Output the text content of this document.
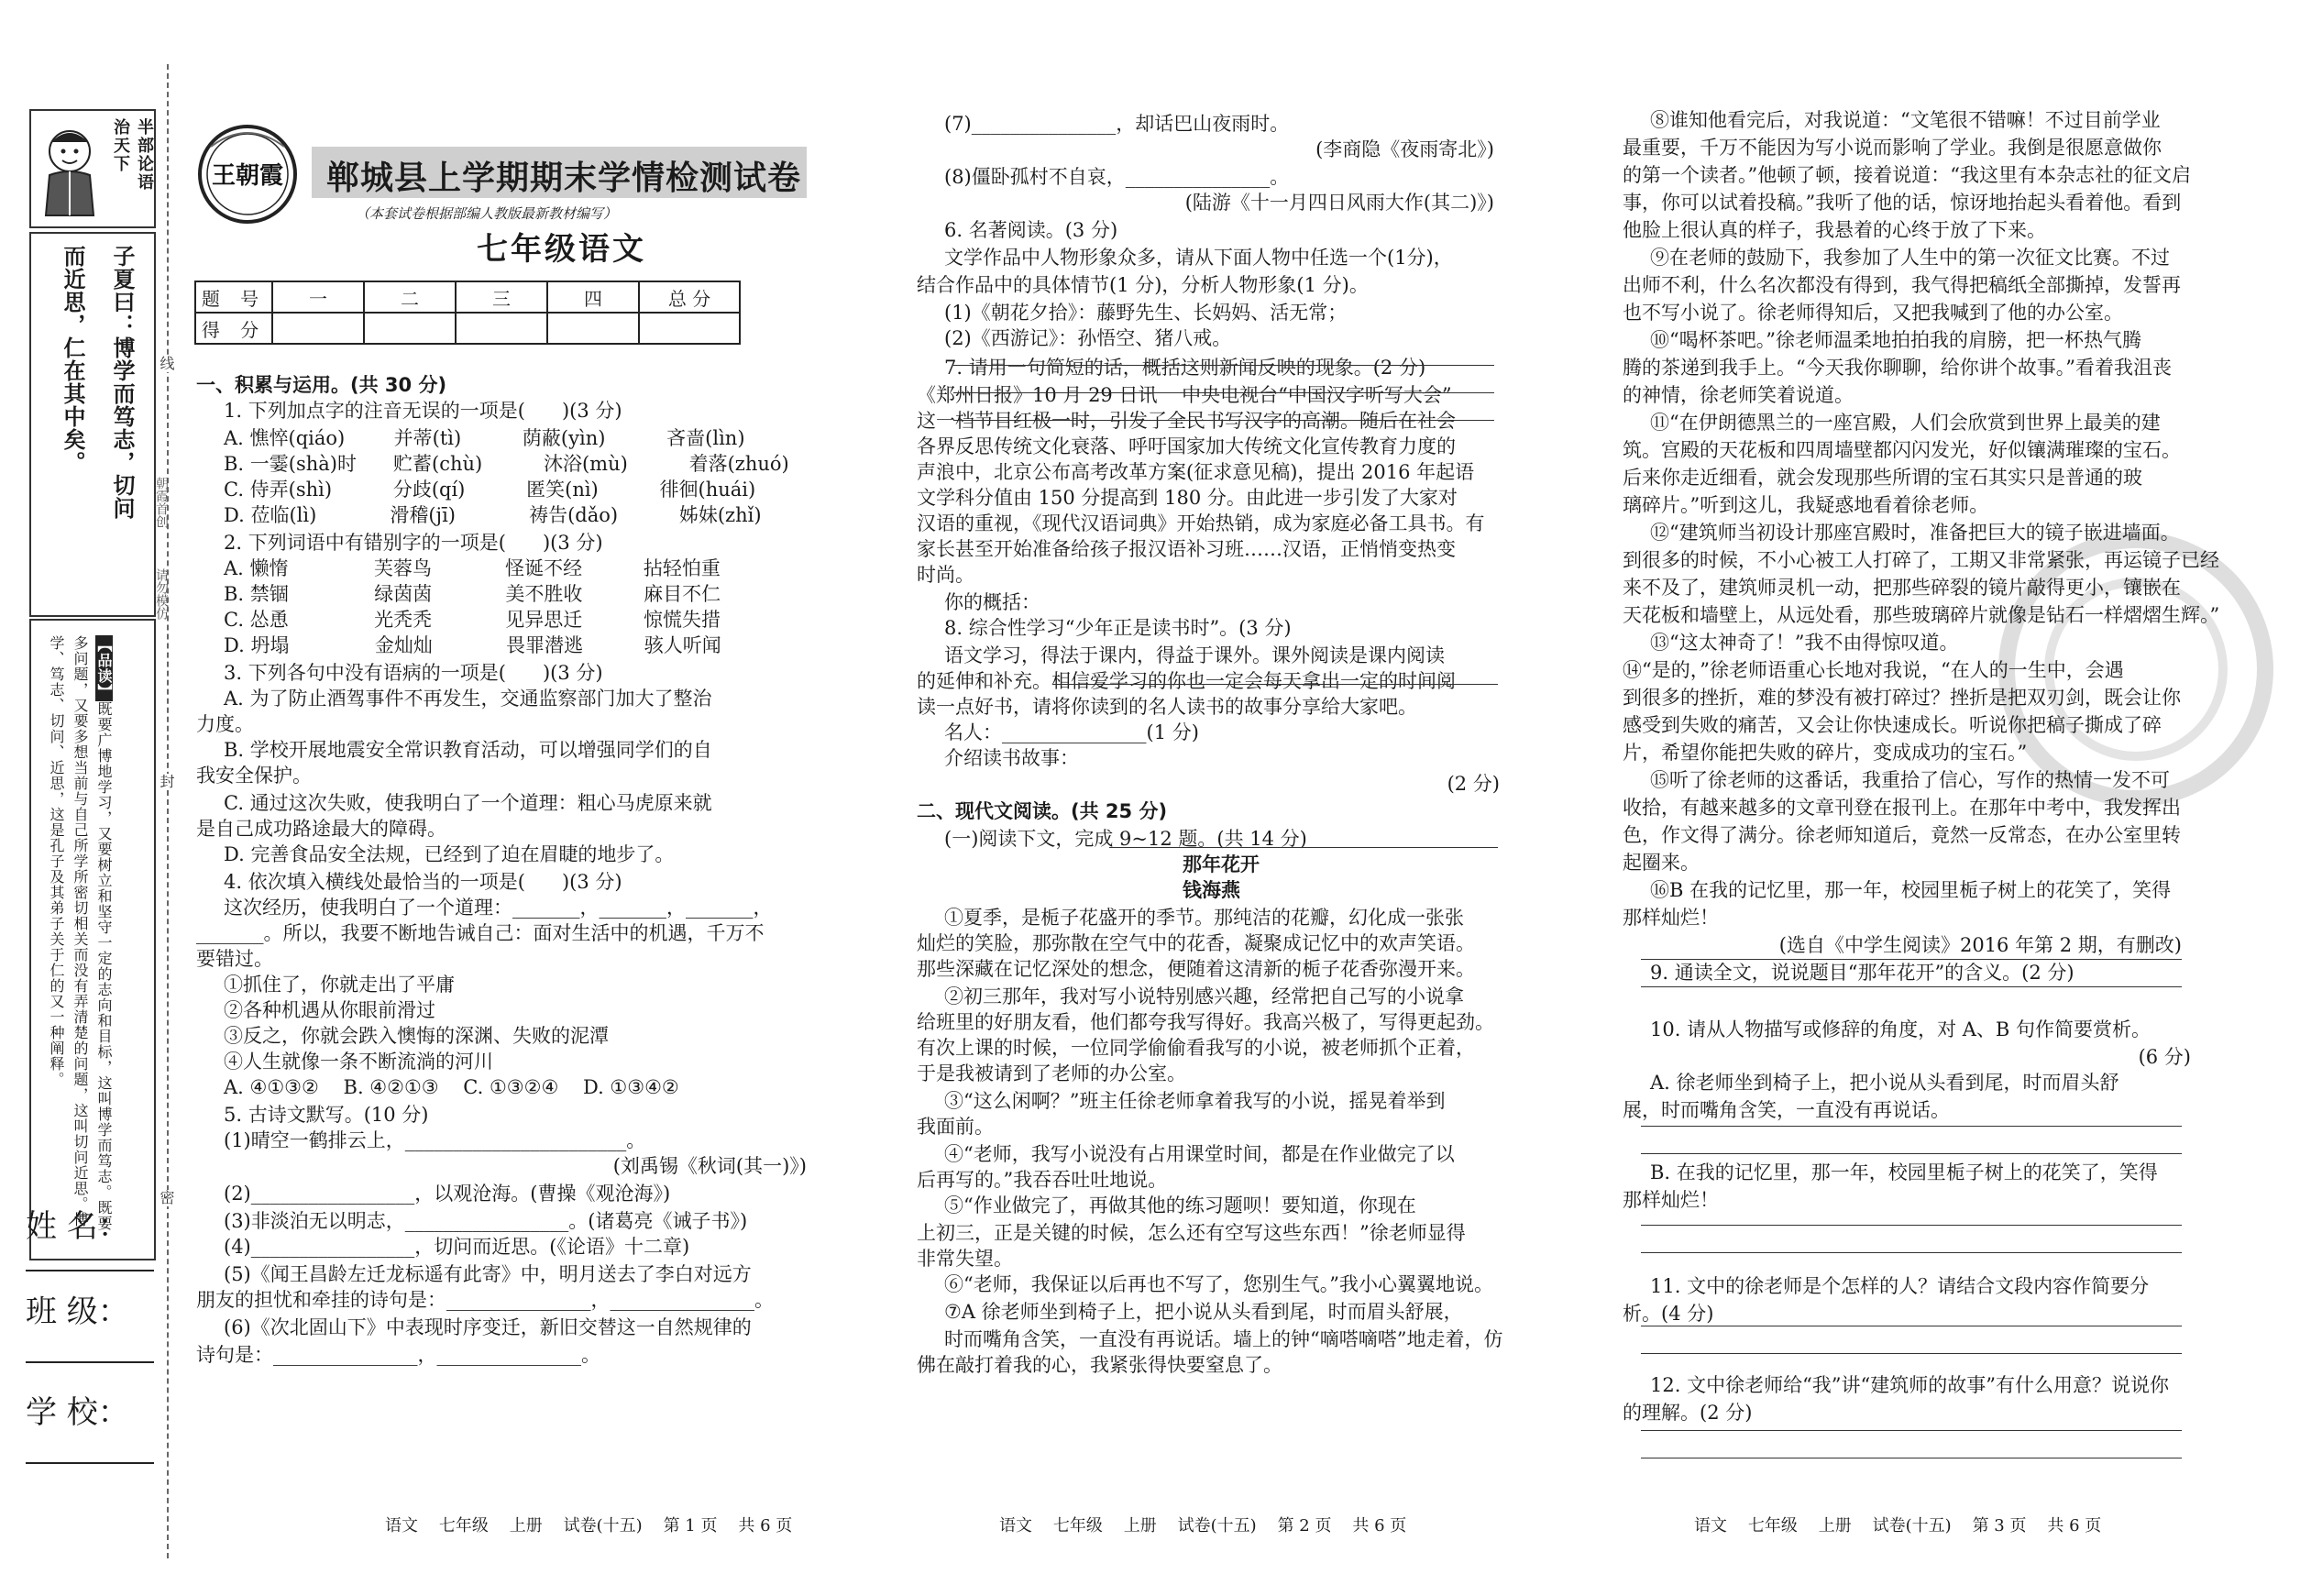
半部论语
治天下
子夏曰：博学而笃志，切问
而近思，仁在其中矣。
【品读】既要广博地学习，又要树立和坚守一定的志向和目标，这叫博学而笃志。既要多问题，又要多想当前与自己所学所密切相关而没有弄清楚的问题，这叫切问近思。博学、笃志、切问、近思，这是孔子及其弟子关于仁的又一种阐释。
姓 名：
班 级：
学 校：
线
封
密
朝霞首创
请勿模仿
王朝霞 郸城县上学期期末学情检测试卷
（本套试卷根据部编人教版最新教材编写）
七年级语文
题 号	一	二	三	四	总 分
得 分					
一、积累与运用。(共 30 分)
1. 下列加点字的注音无误的一项是(      )(3 分)
A. 憔悴(qiáo)        并蒂(tì)          荫蔽(yìn)          吝啬(lìn)
B. 一霎(shà)时      贮蓄(chù)          沐浴(mù)          着落(zhuó)
C. 侍弄(shì)          分歧(qí)          匿笑(nì)          徘徊(huái)
D. 莅临(lì)            滑稽(jī)            祷告(dǎo)          姊妹(zhǐ)
2. 下列词语中有错别字的一项是(      )(3 分)
A. 懒惰              芙蓉鸟            怪诞不经          拈轻怕重
B. 禁锢              绿茵茵            美不胜收          麻目不仁
C. 怂恿              光秃秃            见异思迁          惊慌失措
D. 坍塌              金灿灿            畏罪潜逃          骇人听闻
3. 下列各句中没有语病的一项是(      )(3 分)
A. 为了防止酒驾事件不再发生，交通监察部门加大了整治
力度。
B. 学校开展地震安全常识教育活动，可以增强同学们的自
我安全保护。
C. 通过这次失败，使我明白了一个道理：粗心马虎原来就
是自己成功路途最大的障碍。
D. 完善食品安全法规，已经到了迫在眉睫的地步了。
4. 依次填入横线处最恰当的一项是(      )(3 分)
这次经历，使我明白了一个道理：_______，_______，_______，
_______。所以，我要不断地告诫自己：面对生活中的机遇，千万不
要错过。
①抓住了，你就走出了平庸
②各种机遇从你眼前滑过
③反之，你就会跌入懊悔的深渊、失败的泥潭
④人生就像一条不断流淌的河川
A. ④①③②    B. ④②①③    C. ①③②④    D. ①③④②
5. 古诗文默写。(10 分)
(1)晴空一鹤排云上，_______________________。
(刘禹锡《秋词(其一)》)
(2)_________________，以观沧海。(曹操《观沧海》)
(3)非淡泊无以明志，_________________。(诸葛亮《诫子书》)
(4)_________________，切问而近思。(《论语》十二章)
(5)《闻王昌龄左迁龙标遥有此寄》中，明月送去了李白对远方
朋友的担忧和牵挂的诗句是：_______________，_______________。
(6)《次北固山下》中表现时序变迁，新旧交替这一自然规律的
诗句是：_______________，_______________。
(7)_______________，却话巴山夜雨时。
(李商隐《夜雨寄北》)
(8)僵卧孤村不自哀，_______________。
(陆游《十一月四日风雨大作(其二)》)
6. 名著阅读。(3 分)
文学作品中人物形象众多，请从下面人物中任选一个(1分)，
结合作品中的具体情节(1 分)，分析人物形象(1 分)。
(1)《朝花夕拾》：藤野先生、长妈妈、活无常；
(2)《西游记》：孙悟空、猪八戒。
7. 请用一句简短的话，概括这则新闻反映的现象。(2 分)
《郑州日报》10 月 29 日讯    中央电视台“中国汉字听写大会”
这一档节目红极一时，引发了全民书写汉字的高潮。随后在社会
各界反思传统文化衰落、呼吁国家加大传统文化宣传教育力度的
声浪中，北京公布高考改革方案(征求意见稿)，提出 2016 年起语
文学科分值由 150 分提高到 180 分。由此进一步引发了大家对
汉语的重视，《现代汉语词典》开始热销，成为家庭必备工具书。有
家长甚至开始准备给孩子报汉语补习班……汉语，正悄悄变热变
时尚。
你的概括：
8. 综合性学习“少年正是读书时”。(3 分)
语文学习，得法于课内，得益于课外。课外阅读是课内阅读
的延伸和补充。相信爱学习的你也一定会每天拿出一定的时间阅
读一点好书，请将你读到的名人读书的故事分享给大家吧。
名人：_______________(1 分)
介绍读书故事：
(2 分)
二、现代文阅读。(共 25 分)
(一)阅读下文，完成 9~12 题。(共 14 分)
那年花开
钱海燕
①夏季，是栀子花盛开的季节。那纯洁的花瓣，幻化成一张张
灿烂的笑脸，那弥散在空气中的花香，凝聚成记忆中的欢声笑语。
那些深藏在记忆深处的想念，便随着这清新的栀子花香弥漫开来。
②初三那年，我对写小说特别感兴趣，经常把自己写的小说拿
给班里的好朋友看，他们都夸我写得好。我高兴极了，写得更起劲。
有次上课的时候，一位同学偷偷看我写的小说，被老师抓个正着，
于是我被请到了老师的办公室。
③“这么闲啊？”班主任徐老师拿着我写的小说，摇晃着举到
我面前。
④“老师，我写小说没有占用课堂时间，都是在作业做完了以
后再写的。”我吞吞吐吐地说。
⑤“作业做完了，再做其他的练习题呗！要知道，你现在
上初三，正是关键的时候，怎么还有空写这些东西！”徐老师显得
非常失望。
⑥“老师，我保证以后再也不写了，您别生气。”我小心翼翼地说。
⑦A 徐老师坐到椅子上，把小说从头看到尾，时而眉头舒展，
时而嘴角含笑，一直没有再说话。墙上的钟“嘀嗒嘀嗒”地走着，仿
佛在敲打着我的心，我紧张得快要窒息了。
⑧谁知他看完后，对我说道：“文笔很不错嘛！不过目前学业
最重要，千万不能因为写小说而影响了学业。我倒是很愿意做你
的第一个读者。”他顿了顿，接着说道：“我这里有本杂志社的征文启
事，你可以试着投稿。”我听了他的话，惊讶地抬起头看着他。看到
他脸上很认真的样子，我悬着的心终于放了下来。
⑨在老师的鼓励下，我参加了人生中的第一次征文比赛。不过
出师不利，什么名次都没有得到，我气得把稿纸全部撕掉，发誓再
也不写小说了。徐老师得知后，又把我喊到了他的办公室。
⑩“喝杯茶吧。”徐老师温柔地拍拍我的肩膀，把一杯热气腾
腾的茶递到我手上。“今天我你聊聊，给你讲个故事。”看着我沮丧
的神情，徐老师笑着说道。
⑪“在伊朗德黑兰的一座宫殿，人们会欣赏到世界上最美的建
筑。宫殿的天花板和四周墙壁都闪闪发光，好似镶满璀璨的宝石。
后来你走近细看，就会发现那些所谓的宝石其实只是普通的玻
璃碎片。”听到这儿，我疑惑地看着徐老师。
⑫“建筑师当初设计那座宫殿时，准备把巨大的镜子嵌进墙面。
到很多的时候，不小心被工人打碎了，工期又非常紧张，再运镜子已经
来不及了，建筑师灵机一动，把那些碎裂的镜片敲得更小，镶嵌在
天花板和墙壁上，从远处看，那些玻璃碎片就像是钻石一样熠熠生辉。”
⑬“这太神奇了！”我不由得惊叹道。
⑭“是的，”徐老师语重心长地对我说，“在人的一生中，会遇
到很多的挫折，难的梦没有被打碎过？挫折是把双刃剑，既会让你
感受到失败的痛苦，又会让你快速成长。听说你把稿子撕成了碎
片，希望你能把失败的碎片，变成成功的宝石。”
⑮听了徐老师的这番话，我重拾了信心，写作的热情一发不可
收拾，有越来越多的文章刊登在报刊上。在那年中考中，我发挥出
色，作文得了满分。徐老师知道后，竟然一反常态，在办公室里转
起圈来。
⑯B 在我的记忆里，那一年，校园里栀子树上的花笑了，笑得
那样灿烂！
(选自《中学生阅读》2016 年第 2 期，有删改)
9. 通读全文，说说题目“那年花开”的含义。(2 分)
10. 请从人物描写或修辞的角度，对 A、B 句作简要赏析。
(6 分)
A. 徐老师坐到椅子上，把小说从头看到尾，时而眉头舒
展，时而嘴角含笑，一直没有再说话。
B. 在我的记忆里，那一年，校园里栀子树上的花笑了，笑得
那样灿烂！
11. 文中的徐老师是个怎样的人？请结合文段内容作简要分
析。(4 分)
12. 文中徐老师给“我”讲“建筑师的故事”有什么用意？说说你
的理解。(2 分)
语文    七年级    上册    试卷(十五)    第 1 页    共 6 页	语文    七年级    上册    试卷(十五)    第 2 页    共 6 页	语文    七年级    上册    试卷(十五)    第 3 页    共 6 页
